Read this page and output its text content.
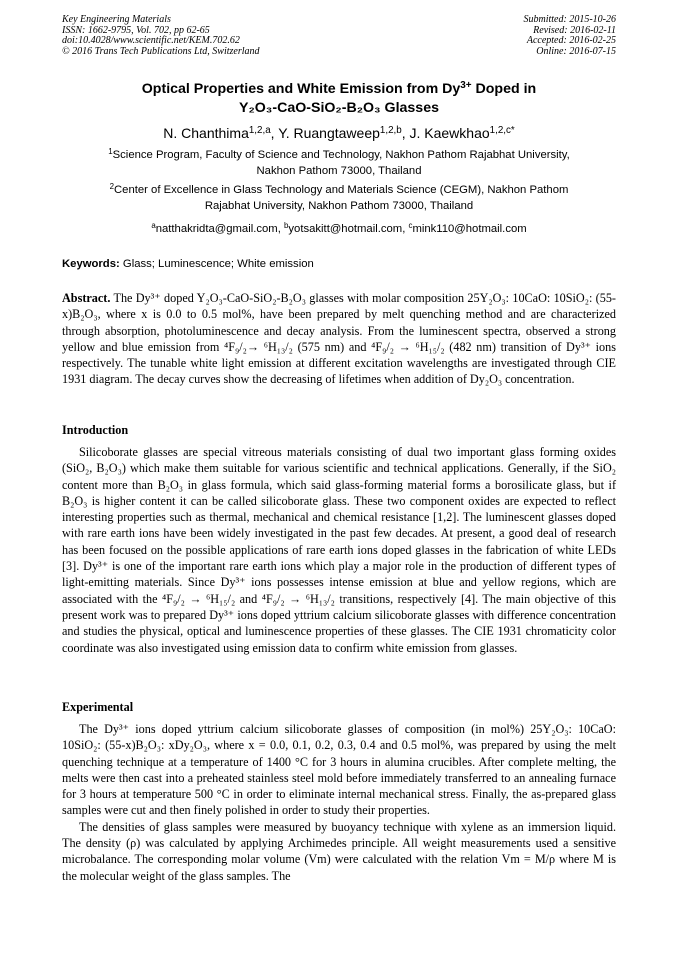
Key Engineering Materials
ISSN: 1662-9795, Vol. 702, pp 62-65
doi:10.4028/www.scientific.net/KEM.702.62
© 2016 Trans Tech Publications Ltd, Switzerland
Submitted: 2015-10-26
Revised: 2016-02-11
Accepted: 2016-02-25
Online: 2016-07-15
Optical Properties and White Emission from $Dy^{3+}$ Doped in
Y₂O₃-CaO-SiO₂-B₂O₃ Glasses
N. Chanthima$^{1,2,a}$, Y. Ruangtaweep$^{1,2,b}$, J. Kaewkhao$^{1,2,c*}$
$^1$Science Program, Faculty of Science and Technology, Nakhon Pathom Rajabhat University,
Nakhon Pathom 73000, Thailand
$^2$Center of Excellence in Glass Technology and Materials Science (CEGM), Nakhon Pathom
Rajabhat University, Nakhon Pathom 73000, Thailand
$^a$natthakridta@gmail.com, $^b$yotsakitt@hotmail.com, $^c$mink110@hotmail.com
Keywords: Glass; Luminescence; White emission

Abstract. The Dy³⁺ doped Y₂O₃-CaO-SiO₂-B₂O₃ glasses with molar composition 25Y₂O₃: 10CaO: 10SiO₂: (55-x)B₂O₃, where x is 0.0 to 0.5 mol%, have been prepared by melt quenching method and are characterized through absorption, photoluminescence and decay analysis. From the luminescent spectra, observed a strong yellow and blue emission from ⁴F₉/₂→ ⁶H₁₃/₂ (575 nm) and ⁴F₉/₂ → ⁶H₁₅/₂ (482 nm) transition of Dy³⁺ ions respectively. The tunable white light emission at different excitation wavelengths are investigated through CIE 1931 diagram. The decay curves show the decreasing of lifetimes when addition of Dy₂O₃ concentration.

Introduction

Silicoborate glasses are special vitreous materials consisting of dual two important glass forming oxides (SiO₂, B₂O₃) which make them suitable for various scientific and technical applications. Generally, if the SiO₂ content more than B₂O₃ in glass formula, which said glass-forming material forms a borosilicate glass, but if B₂O₃ is higher content it can be called silicoborate glass. These two component oxides are expected to reflect interesting properties such as thermal, mechanical and chemical resistance [1,2]. The luminescent glasses doped with rare earth ions have been widely investigated in the past few decades. At present, a good deal of research has been focused on the possible applications of rare earth ions doped glasses in the fabrication of white LEDs [3]. Dy³⁺ is one of the important rare earth ions which play a major role in the production of different types of light-emitting materials. Since Dy³⁺ ions possesses intense emission at blue and yellow regions, which are associated with the ⁴F₉/₂ → ⁶H₁₅/₂ and ⁴F₉/₂ → ⁶H₁₃/₂ transitions, respectively [4]. The main objective of this present work was to prepared Dy³⁺ ions doped yttrium calcium silicoborate glasses with difference concentration and studies the physical, optical and luminescence properties of these glasses. The CIE 1931 chromaticity color coordinate was also investigated using emission data to confirm white emission from glasses.

Experimental

The Dy³⁺ ions doped yttrium calcium silicoborate glasses of composition (in mol%) 25Y₂O₃: 10CaO: 10SiO₂: (55-x)B₂O₃: xDy₂O₃, where x = 0.0, 0.1, 0.2, 0.3, 0.4 and 0.5 mol%, was prepared by using the melt quenching technique at a temperature of 1400 °C for 3 hours in alumina crucibles. After complete melting, the melts were then cast into a preheated stainless steel mold before immediately transferred to an annealing furnace for 3 hours at temperature 500 °C in order to eliminate internal mechanical stress. Finally, the as-prepared glass samples were cut and then finely polished in order to study their properties.

The densities of glass samples were measured by buoyancy technique with xylene as an immersion liquid. The density (ρ) was calculated by applying Archimedes principle. All weight measurements used a sensitive microbalance. The corresponding molar volume (Vm) were calculated with the relation Vm = M/ρ where M is the molecular weight of the glass samples. The
